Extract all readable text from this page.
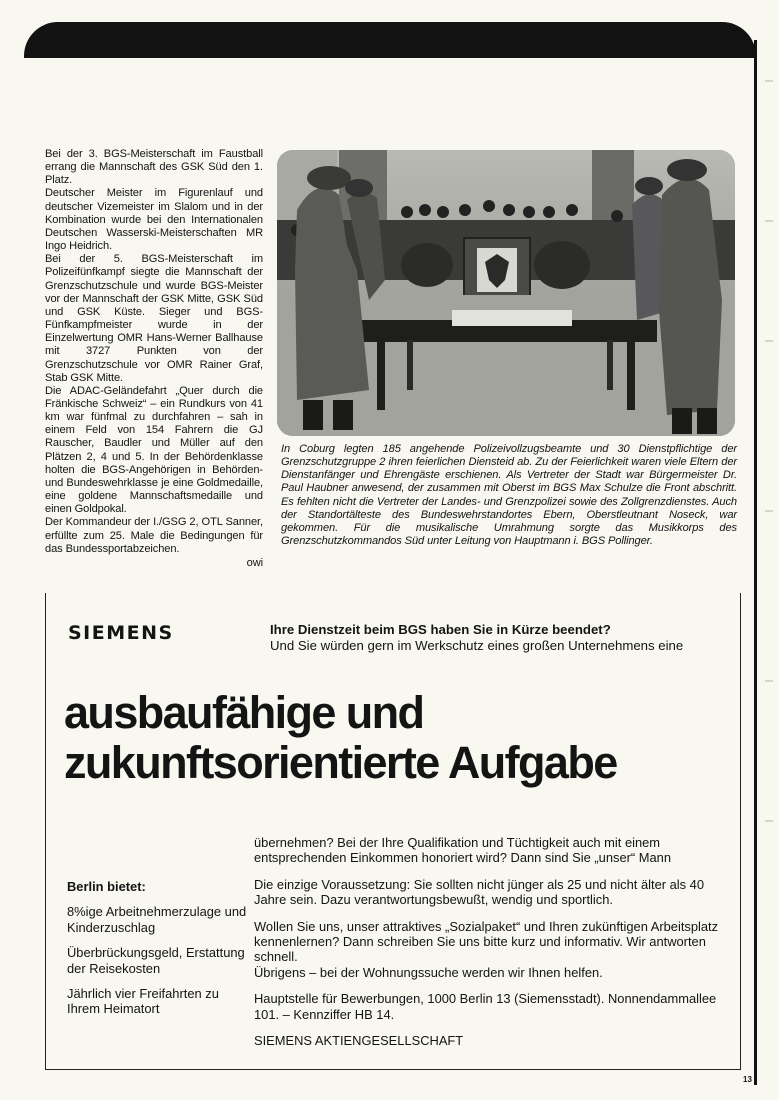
Bei der 3. BGS-Meisterschaft im Faustball errang die Mannschaft des GSK Süd den 1. Platz.

Deutscher Meister im Figurenlauf und deutscher Vizemeister im Slalom und in der Kombination wurde bei den Internationalen Deutschen Wasserski-Meisterschaften MR Ingo Heidrich.

Bei der 5. BGS-Meisterschaft im Polizeifünfkampf siegte die Mannschaft der Grenzschutzschule und wurde BGS-Meister vor der Mannschaft der GSK Mitte, GSK Süd und GSK Küste. Sieger und BGS-Fünfkampfmeister wurde in der Einzelwertung OMR Hans-Werner Ballhause mit 3727 Punkten von der Grenzschutzschule vor OMR Rainer Graf, Stab GSK Mitte.

Die ADAC-Geländefahrt „Quer durch die Fränkische Schweiz“ – ein Rundkurs von 41 km war fünfmal zu durchfahren – sah in einem Feld von 154 Fahrern die GJ Rauscher, Baudler und Müller auf den Plätzen 2, 4 und 5. In der Behördenklasse holten die BGS-Angehörigen in Behörden- und Bundeswehrklasse je eine Goldmedaille, eine goldene Mannschaftsmedaille und einen Goldpokal.

Der Kommandeur der I./GSG 2, OTL Sanner, erfüllte zum 25. Male die Bedingungen für das Bundessportabzeichen.

owi

In Coburg legten 185 angehende Polizeivollzugsbeamte und 30 Dienstpflichtige der Grenzschutzgruppe 2 ihren feierlichen Diensteid ab. Zu der Feierlichkeit waren viele Eltern der Dienstanfänger und Ehrengäste erschienen. Als Vertreter der Stadt war Bürgermeister Dr. Paul Haubner anwesend, der zusammen mit Oberst im BGS Max Schulze die Front abschritt. Es fehlten nicht die Vertreter der Landes- und Grenzpolizei sowie des Zollgrenzdienstes. Auch der Standortälteste des Bundeswehrstandortes Ebern, Oberstleutnant Noseck, war gekommen. Für die musikalische Umrahmung sorgte das Musikkorps des Grenzschutzkommandos Süd unter Leitung von Hauptmann i. BGS Pollinger.
SIEMENS	Ihre Dienstzeit beim BGS haben Sie in Kürze beendet?
Und Sie würden gern im Werkschutz eines großen Unternehmens eine
ausbaufähige und
zukunftsorientierte Aufgabe

übernehmen? Bei der Ihre Qualifikation und Tüchtigkeit auch mit einem entsprechenden Einkommen honoriert wird? Dann sind Sie „unser“ Mann

Die einzige Voraussetzung: Sie sollten nicht jünger als 25 und nicht älter als 40 Jahre sein. Dazu verantwortungsbewußt, wendig und sportlich.

Wollen Sie uns, unser attraktives „Sozialpaket“ und Ihren zukünftigen Arbeitsplatz kennenlernen? Dann schreiben Sie uns bitte kurz und informativ. Wir antworten schnell.

Übrigens – bei der Wohnungssuche werden wir Ihnen helfen.

Hauptstelle für Bewerbungen, 1000 Berlin 13 (Siemensstadt). Nonnendammallee 101. – Kennziffer HB 14.

SIEMENS AKTIENGESELLSCHAFT

Berlin bietet:

8%ige Arbeitnehmerzulage und Kinderzuschlag

Überbrückungsgeld, Erstattung der Reisekosten

Jährlich vier Freifahrten zu Ihrem Heimatort

13
